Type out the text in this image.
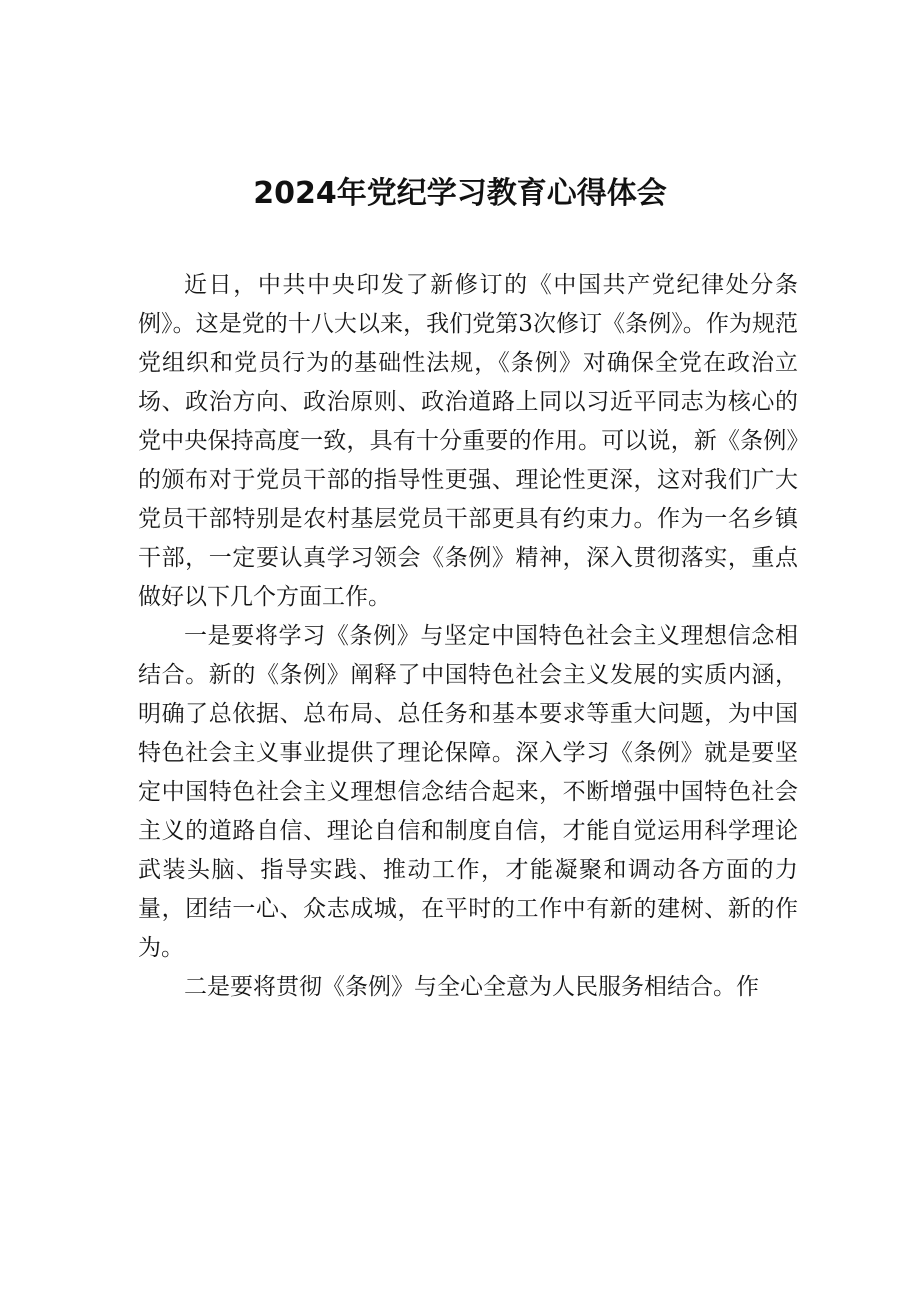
2024年党纪学习教育心得体会

近日，中共中央印发了新修订的《中国共产党纪律处分条例》。这是党的十八大以来，我们党第3次修订《条例》。作为规范党组织和党员行为的基础性法规，《条例》对确保全党在政治立场、政治方向、政治原则、政治道路上同以习近平同志为核心的党中央保持高度一致，具有十分重要的作用。可以说，新《条例》的颁布对于党员干部的指导性更强、理论性更深，这对我们广大党员干部特别是农村基层党员干部更具有约束力。作为一名乡镇干部，一定要认真学习领会《条例》精神，深入贯彻落实，重点做好以下几个方面工作。

一是要将学习《条例》与坚定中国特色社会主义理想信念相结合。新的《条例》阐释了中国特色社会主义发展的实质内涵，明确了总依据、总布局、总任务和基本要求等重大问题，为中国特色社会主义事业提供了理论保障。深入学习《条例》就是要坚定中国特色社会主义理想信念结合起来，不断增强中国特色社会主义的道路自信、理论自信和制度自信，才能自觉运用科学理论武装头脑、指导实践、推动工作，才能凝聚和调动各方面的力量，团结一心、众志成城，在平时的工作中有新的建树、新的作为。

二是要将贯彻《条例》与全心全意为人民服务相结合。作
